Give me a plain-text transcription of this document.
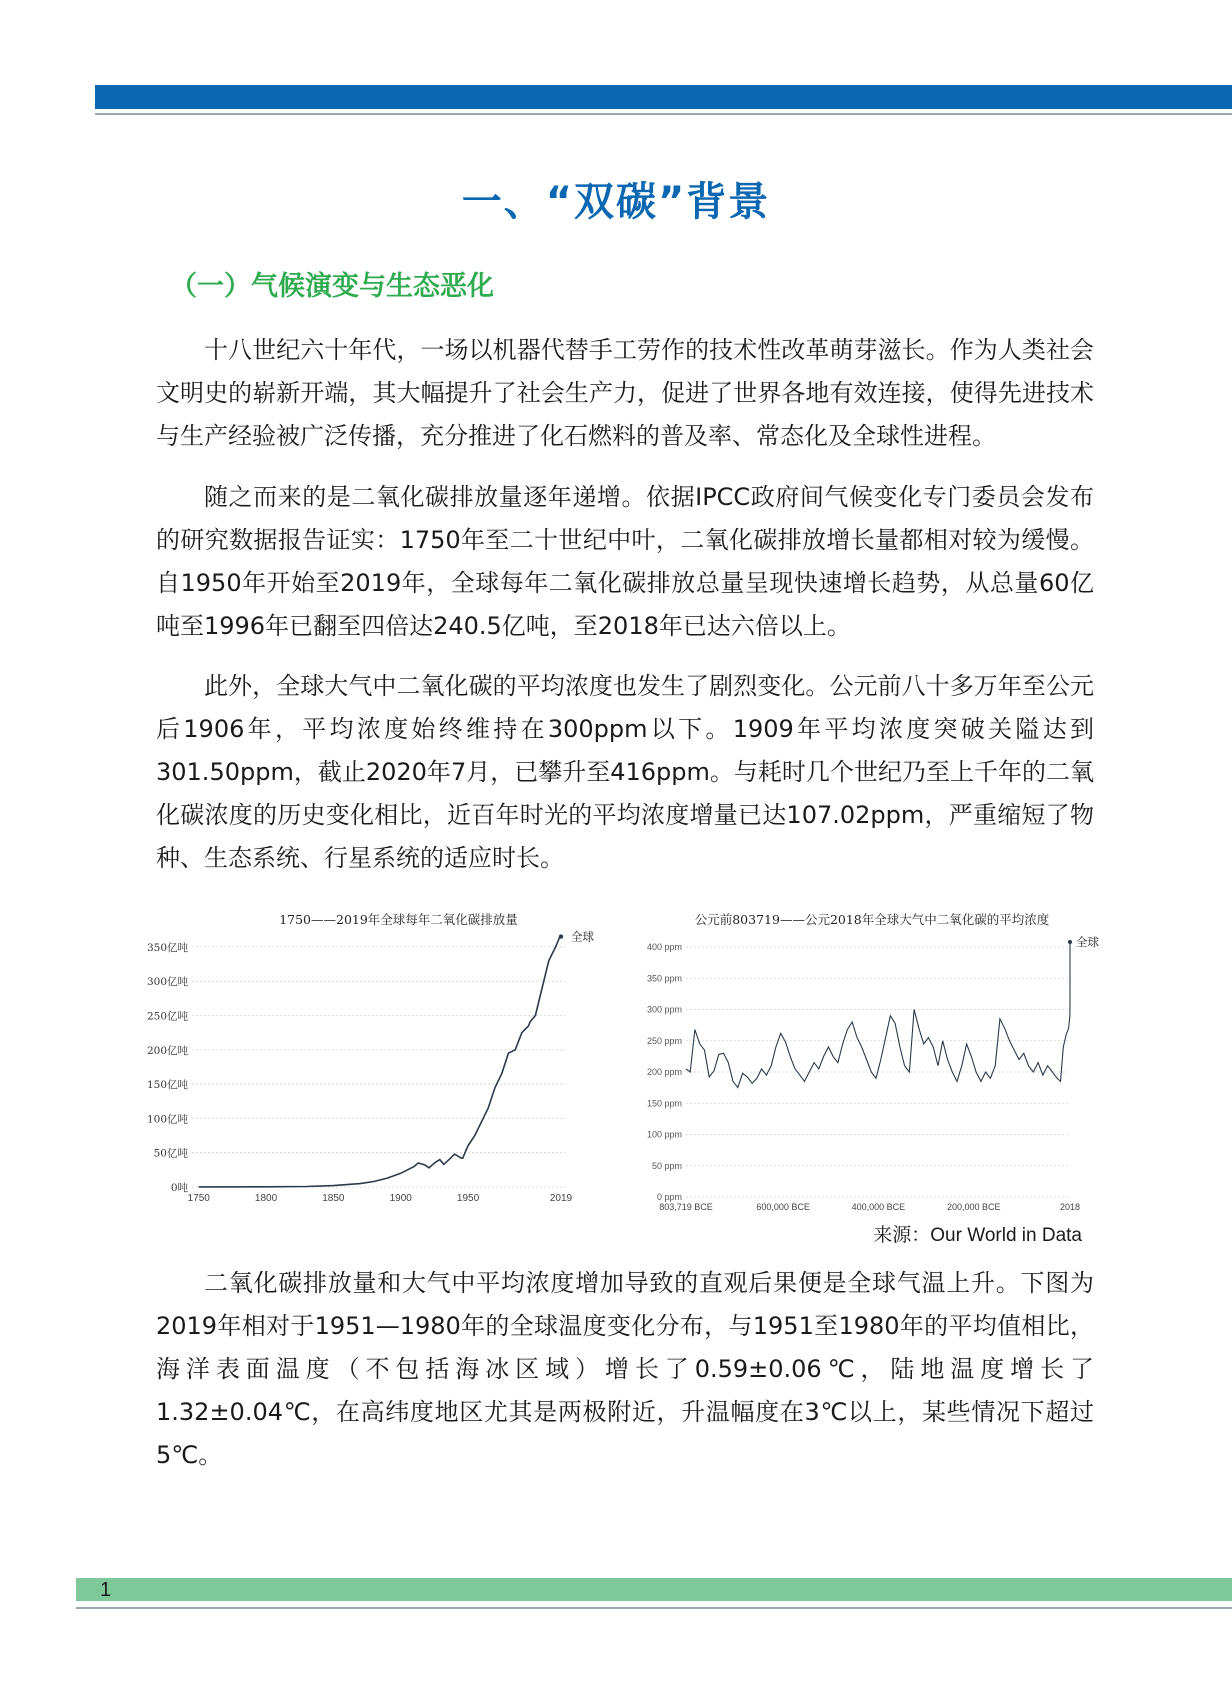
一、“双碳”背景
（一）气候演变与生态恶化

十八世纪六十年代，一场以机器代替手工劳作的技术性改革萌芽滋长。作为人类社会文明史的崭新开端，其大幅提升了社会生产力，促进了世界各地有效连接，使得先进技术与生产经验被广泛传播，充分推进了化石燃料的普及率、常态化及全球性进程。

随之而来的是二氧化碳排放量逐年递增。依据IPCC政府间气候变化专门委员会发布的研究数据报告证实：1750年至二十世纪中叶，二氧化碳排放增长量都相对较为缓慢。自1950年开始至2019年，全球每年二氧化碳排放总量呈现快速增长趋势，从总量60亿吨至1996年已翻至四倍达240.5亿吨，至2018年已达六倍以上。

此外，全球大气中二氧化碳的平均浓度也发生了剧烈变化。公元前八十多万年至公元后1906年，平均浓度始终维持在300ppm以下。1909年平均浓度突破关隘达到301.50ppm，截止2020年7月，已攀升至416ppm。与耗时几个世纪乃至上千年的二氧化碳浓度的历史变化相比，近百年时光的平均浓度增量已达107.02ppm，严重缩短了物种、生态系统、行星系统的适应时长。

1750——2019年全球每年二氧化碳排放量
0吨
50亿吨
100亿吨
150亿吨
200亿吨
250亿吨
300亿吨
350亿吨
1750	1800	1850	1900	1950	2019
全球
公元前803719——公元2018年全球大气中二氧化碳的平均浓度
0 ppm
50 ppm
100 ppm
150 ppm
200 ppm
250 ppm
300 ppm
350 ppm
400 ppm
803,719 BCE	600,000 BCE	400,000 BCE	200,000 BCE	2018
全球
来源：Our World in Data

二氧化碳排放量和大气中平均浓度增加导致的直观后果便是全球气温上升。下图为2019年相对于1951—1980年的全球温度变化分布，与1951至1980年的平均值相比，海洋表面温度（不包括海冰区域）增长了0.59±0.06℃，陆地温度增长了1.32±0.04℃，在高纬度地区尤其是两极附近，升温幅度在3℃以上，某些情况下超过5℃。

1
